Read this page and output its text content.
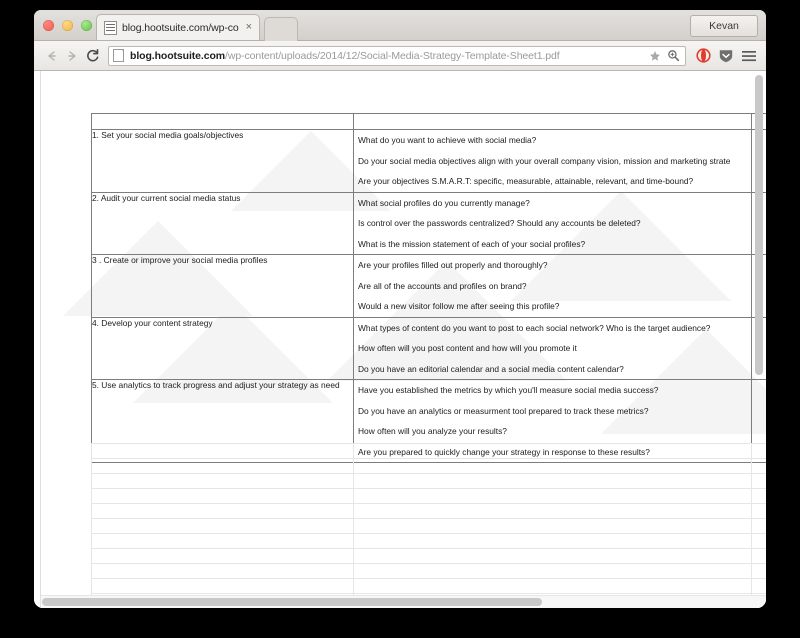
blog.hootsuite.com/wp-co ×	Kevan
blog.hootsuite.com/wp-content/uploads/2014/12/Social-Media-Strategy-Template-Sheet1.pdf
STEP	QUESTIONS TO ASK	
1. Set your social media goals/objectives	What do you want to achieve with social media?
Do your social media objectives align with your overall company vision, mission and marketing strate
Are your objectives S.M.A.R.T: specific, measurable, attainable, relevant, and time-bound?	

2. Audit your current social media status	What social profiles do you currently manage?
Is control over the passwords centralized? Should any accounts be deleted?
What is the mission statement of each of your social profiles?	

3 . Create or improve your social media profiles	Are your profiles filled out properly and thoroughly?
Are all of the accounts and profiles on brand?
Would a new visitor follow me after seeing this profile?	

4. Develop your content strategy	What types of content do you want to post to each social network? Who is the target audience?
How often will you post content and how will you promote it
Do you have an editorial calendar and a social media content calendar?	

5. Use analytics to track progress and adjust your strategy as need	Have you established the metrics by which you'll measure social media success?
Do you have an analytics or measurment tool prepared to track these metrics?
How often will you analyze your results?
Are you prepared to quickly change your strategy in response to these results?	
